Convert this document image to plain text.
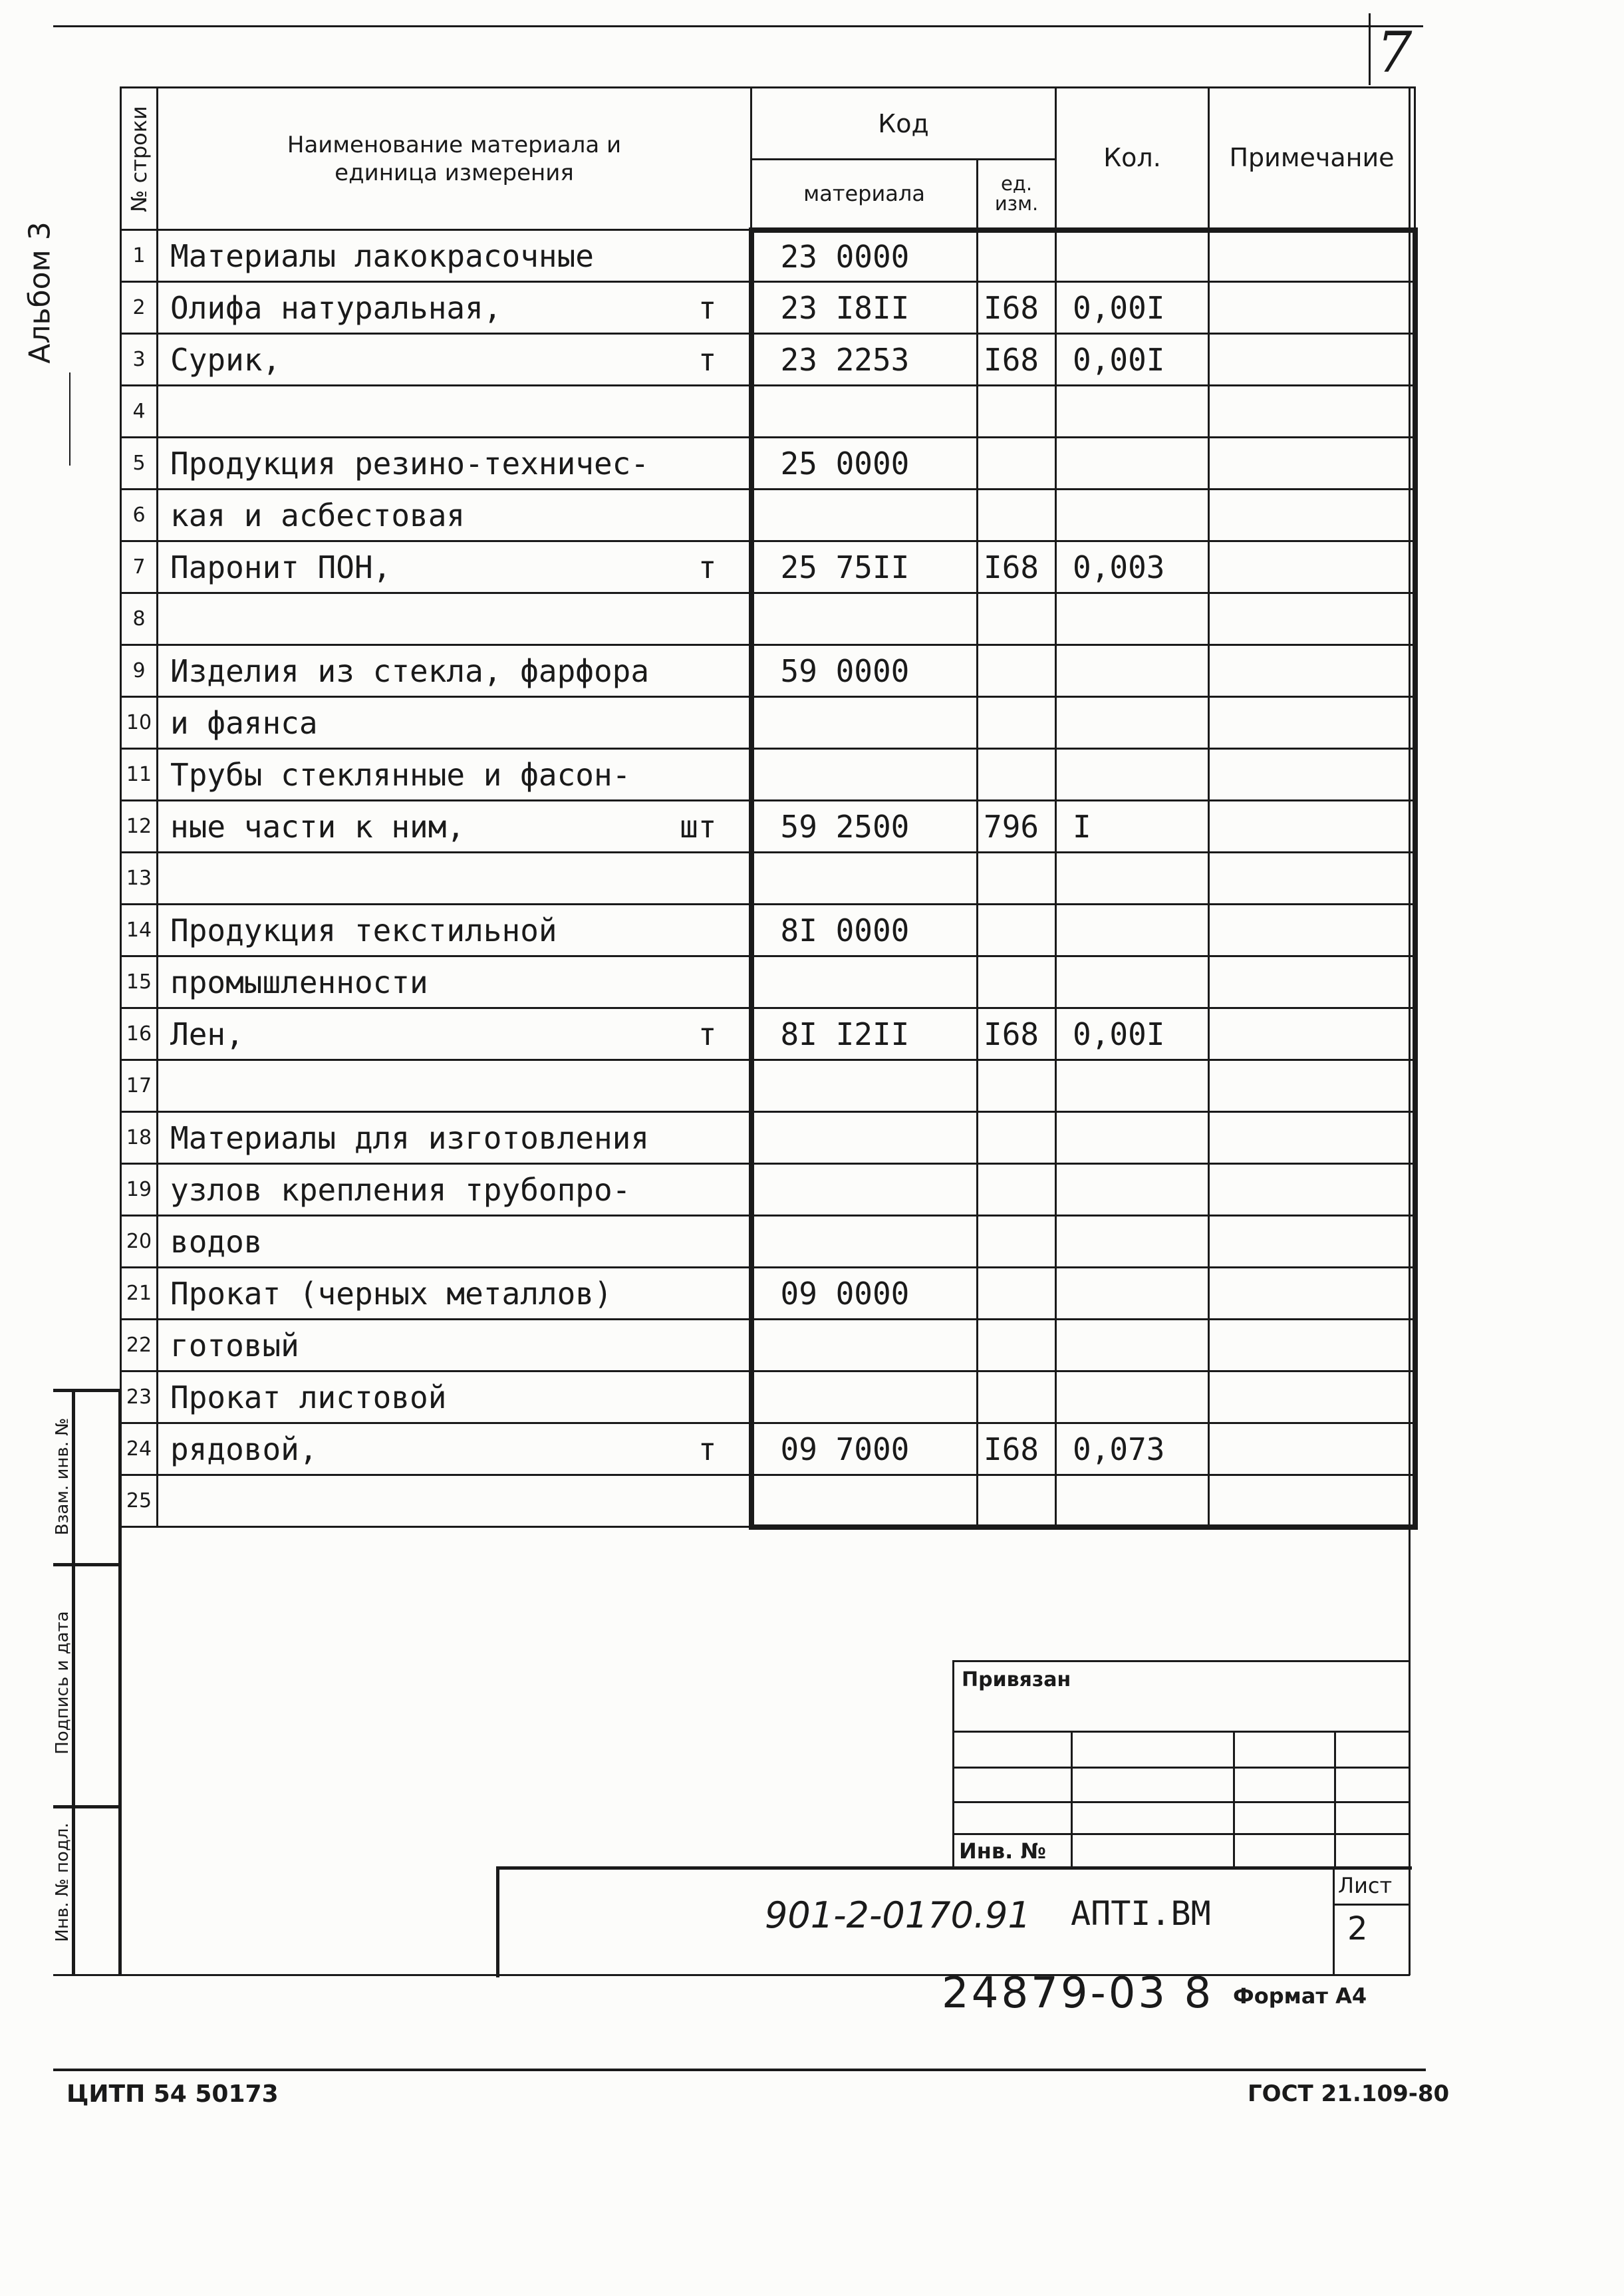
7
Альбом 3
№ строки	Наименование материала и единица измерения	Код		Кол.	Примечание
		материала	ед. изм.		
1	Материалы лакокрасочные	23 0000			
2	Олифа натуральная, т	23 I8II	I68	0,00I	
3	Сурик, т	23 2253	I68	0,00I	
4	

5	Продукция резино-техничес-	25 0000			
6	кая и асбестовая

7	Паронит ПОН, т	25 75II	I68	0,003	
8	

9	Изделия из стекла, фарфора	59 0000			
10	и фаянса

11	Трубы стеклянные и фасон-

12	ные части к ним, шт	59 2500	796	I	
13	

14	Продукция текстильной	8I 0000			
15	промышленности

16	Лен, т	8I I2II	I68	0,00I	
17	

18	Материалы для изготовления

19	узлов крепления трубопро-

20	водов

21	Прокат (черных металлов)	09 0000			
22	готовый

23	Прокат листовой

24	рядовой, т	09 7000	I68	0,073	
25	

Взам. инв. №
Подпись и дата
Инв. № подл.
Привязан
Инв. №
901-2-0170.91 АПТI.ВМ
Лист
2
24879-03 8 Формат А4
ЦИТП 54 50173	ГОСТ 21.109-80
